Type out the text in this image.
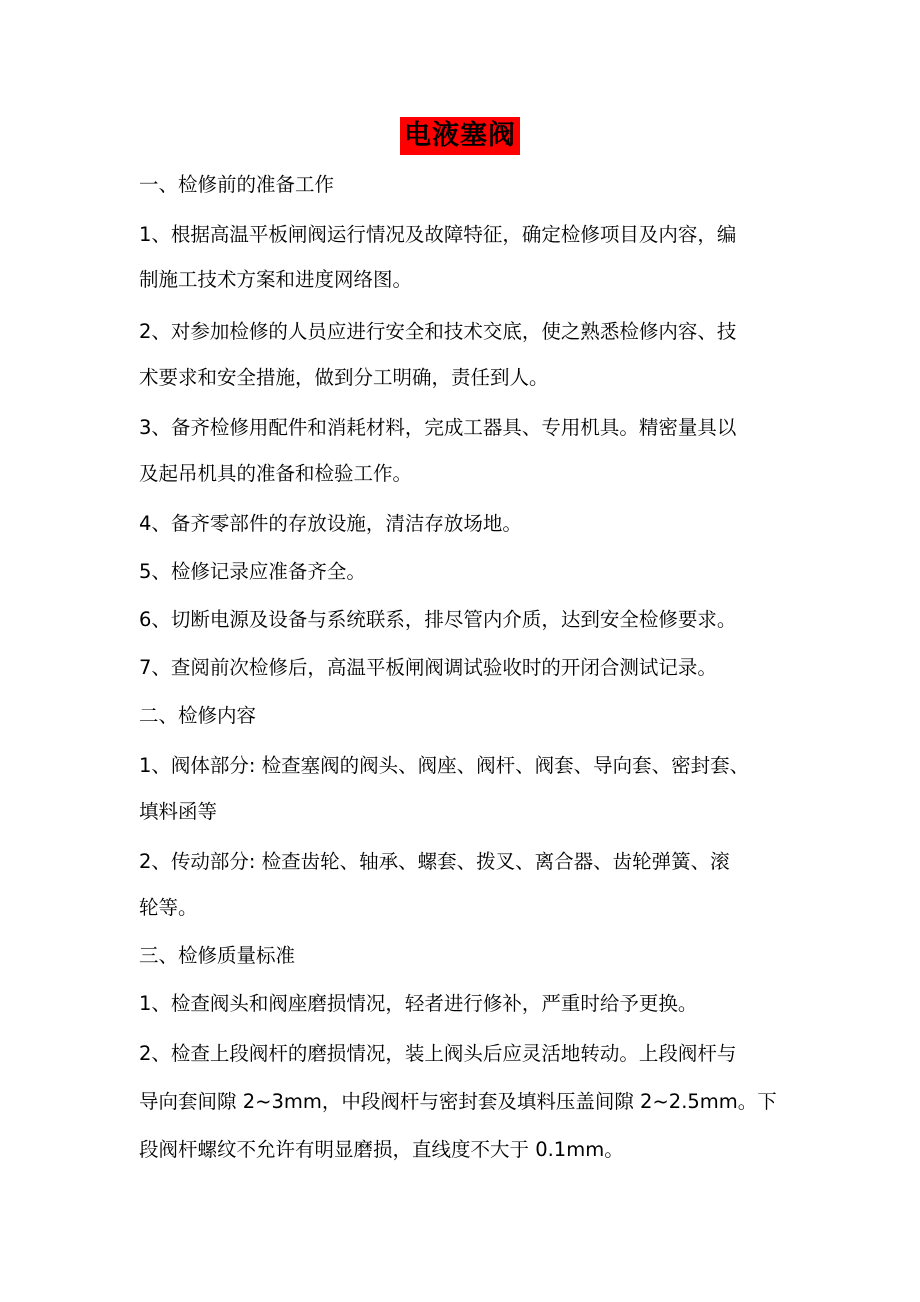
电液塞阀
一、检修前的准备工作
1、根据高温平板闸阀运行情况及故障特征，确定检修项目及内容，编
制施工技术方案和进度网络图。
2、对参加检修的人员应进行安全和技术交底，使之熟悉检修内容、技
术要求和安全措施，做到分工明确，责任到人。
3、备齐检修用配件和消耗材料，完成工器具、专用机具。精密量具以
及起吊机具的准备和检验工作。
4、备齐零部件的存放设施，清洁存放场地。
5、检修记录应准备齐全。
6、切断电源及设备与系统联系，排尽管内介质，达到安全检修要求。
7、查阅前次检修后，高温平板闸阀调试验收时的开闭合测试记录。
二、检修内容
1、阀体部分: 检查塞阀的阀头、阀座、阀杆、阀套、导向套、密封套、
填料函等
2、传动部分: 检查齿轮、轴承、螺套、拨叉、离合器、齿轮弹簧、滚
轮等。
三、检修质量标准
1、检查阀头和阀座磨损情况，轻者进行修补，严重时给予更换。
2、检查上段阀杆的磨损情况，装上阀头后应灵活地转动。上段阀杆与
导向套间隙 2~3mm，中段阀杆与密封套及填料压盖间隙 2~2.5mm。下
段阀杆螺纹不允许有明显磨损，直线度不大于 0.1mm。
